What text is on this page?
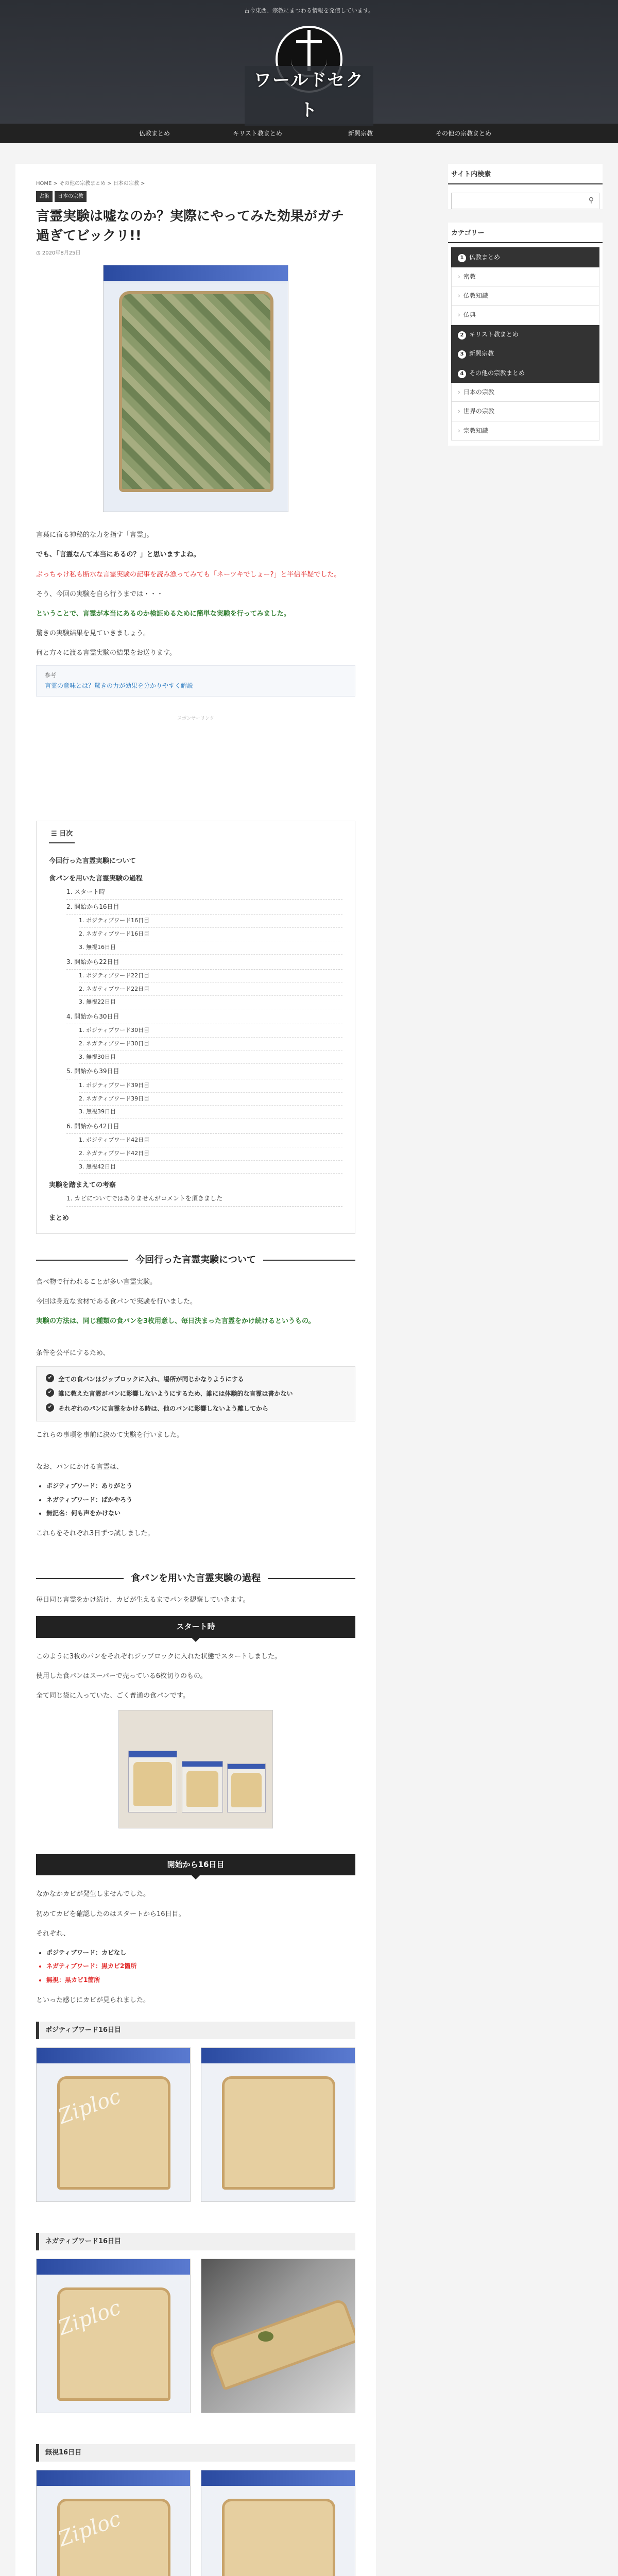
古今東西、宗教にまつわる情報を発信しています。
ワールドセクト
仏教まとめ	キリスト教まとめ	新興宗教	その他の宗教まとめ
HOME > その他の宗教まとめ > 日本の宗教 >
占術	日本の宗教
言霊実験は嘘なのか？実際にやってみた効果がガチ過ぎてビックリ!!
◷ 2020年8月25日

言葉に宿る神秘的な力を指す「言霊」。

でも、「言霊なんて本当にあるの？」と思いますよね。

ぶっちゃけ私も断水な言霊実験の記事を読み漁ってみても「ネーツキでしょー?」と半信半疑でした。

そう、今回の実験を自ら行うまでは・・・

ということで、言霊が本当にあるのか検証めるために簡単な実験を行ってみました。

驚きの実験結果を見ていきましょう。

何と方々に渡る言霊実験の結果をお送ります。

参考
言霊の意味とは？驚きの力が効果を分かりやすく解説
スポンサーリンク
☰ 目次
今回行った言霊実験について
食パンを用いた言霊実験の過程
1. スタート時
2. 開始から16日目
1. ポジティブワード16日目
2. ネガティブワード16日目
3. 無視16日目
3. 開始から22日目
1. ポジティブワード22日目
2. ネガティブワード22日目
3. 無視22日目
4. 開始から30日目
1. ポジティブワード30日目
2. ネガティブワード30日目
3. 無視30日目
5. 開始から39日目
1. ポジティブワード39日目
2. ネガティブワード39日目
3. 無視39日目
6. 開始から42日目
1. ポジティブワード42日目
2. ネガティブワード42日目
3. 無視42日目
実験を踏まえての考察
1. カビについてではありませんがコメントを頂きました
まとめ
今回行った言霊実験について

食べ物で行われることが多い言霊実験。

今回は身近な食材である食パンで実験を行いました。

実験の方法は、同じ種類の食パンを3枚用意し、毎日決まった言霊をかけ続けるというもの。

条件を公平にするため、

✔ 全ての食パンはジップロックに入れ、場所が同じかなりようにする
✔ 誰に教えた言霊がパンに影響しないようにするため、誰には体験的な言霊は書かない
✔ それぞれのパンに言霊をかける時は、他のパンに影響しないよう離してから

これらの事項を事前に決めて実験を行いました。

なお、パンにかける言霊は、

• ポジティブワード：ありがとう
• ネガティブワード：ばかやろう
• 無記名：何も声をかけない

これらをそれぞれ3日ずつ試しました。

食パンを用いた言霊実験の過程

毎日同じ言霊をかけ続け、カビが生えるまでパンを観察していきます。

スタート時

このように3枚のパンをそれぞれジップロックに入れた状態でスタートしました。

使用した食パンはスーパーで売っている6枚切りのもの。

全て同じ袋に入っていた、ごく普通の食パンです。

開始から16日目

なかなかカビが発生しませんでした。

初めてカビを確認したのはスタートから16日目。

それぞれ、

• ポジティブワード：カビなし
• ネガティブワード：黒カビ2箇所
• 無視：黒カビ1箇所

といった感じにカビが見られました。

ポジティブワード16日目
Ziploc
ネガティブワード16日目
Ziploc
無視16日目
Ziploc

サイト内検索
⚲
カテゴリー
1 仏教まとめ
› 密教
› 仏教知識
› 仏典
2 キリスト教まとめ
3 新興宗教
4 その他の宗教まとめ
› 日本の宗教
› 世界の宗教
› 宗教知識
